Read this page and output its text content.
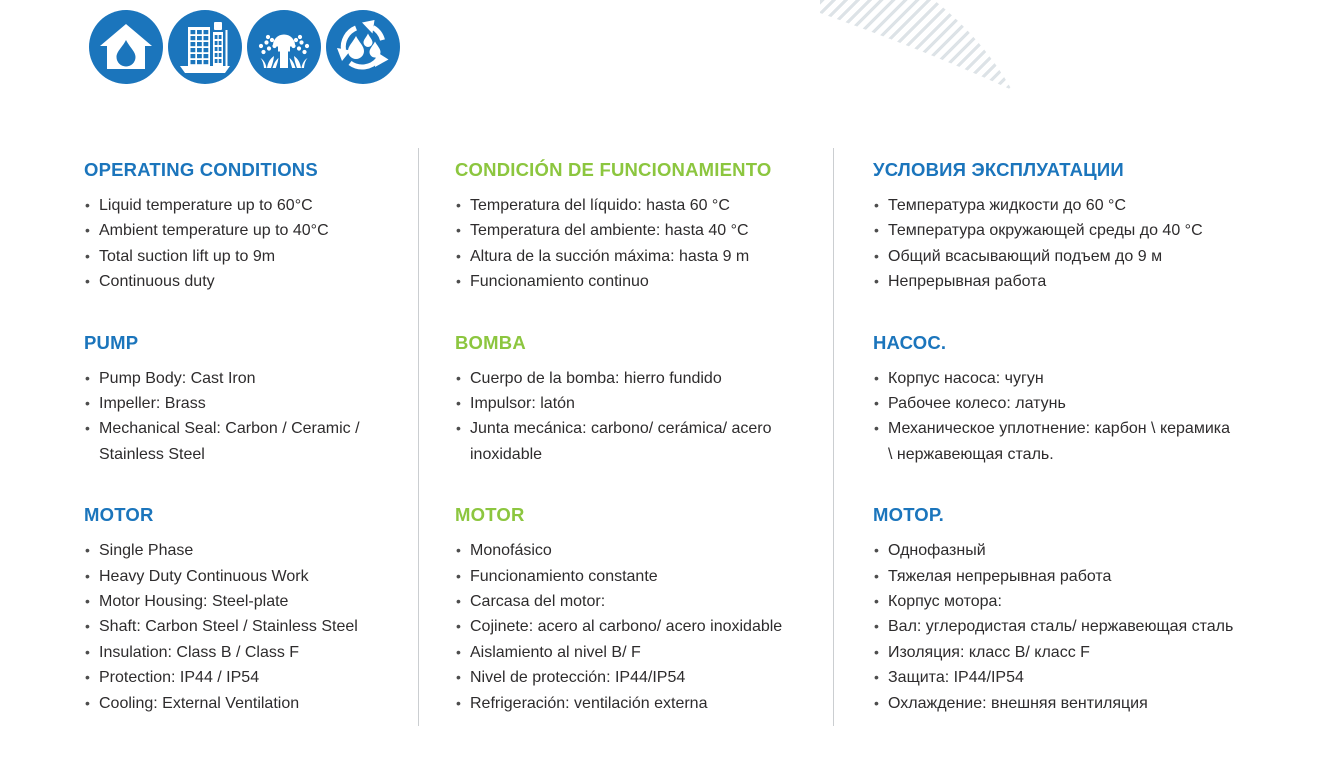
OPERATING CONDITIONS
• Liquid temperature up to 60°C
• Ambient temperature up to 40°C
• Total suction lift up to 9m
• Continuous duty
PUMP
• Pump Body: Cast Iron
• Impeller: Brass
• Mechanical Seal: Carbon / Ceramic / Stainless Steel
MOTOR
• Single Phase
• Heavy Duty Continuous Work
• Motor Housing: Steel-plate
• Shaft: Carbon Steel / Stainless Steel
• Insulation: Class B / Class F
• Protection: IP44 / IP54
• Cooling: External Ventilation
CONDICIÓN DE FUNCIONAMIENTO
• Temperatura del líquido: hasta 60 °C
• Temperatura del ambiente: hasta 40 °C
• Altura de la succión máxima: hasta 9 m
• Funcionamiento continuo
BOMBA
• Cuerpo de la bomba: hierro fundido
• Impulsor: latón
• Junta mecánica: carbono/ cerámica/ acero inoxidable
MOTOR
• Monofásico
• Funcionamiento constante
• Carcasa del motor:
• Cojinete: acero al carbono/ acero inoxidable
• Aislamiento al nivel B/ F
• Nivel de protección: IP44/IP54
• Refrigeración: ventilación externa
УСЛОВИЯ ЭКСПЛУАТАЦИИ
• Температура жидкости до 60 °C
• Температура окружающей среды до 40 °C
• Общий всасывающий подъем до 9 м
• Непрерывная работа
НАСОС.
• Корпус насоса: чугун
• Рабочее колесо: латунь
• Механическое уплотнение: карбон \ керамика \ нержавеющая сталь.
МОТОР.
• Однофазный
• Тяжелая непрерывная работа
• Корпус мотора:
• Вал: углеродистая сталь/ нержавеющая сталь
• Изоляция: класс B/ класс F
• Защита: IP44/IP54
• Охлаждение: внешняя вентиляция
